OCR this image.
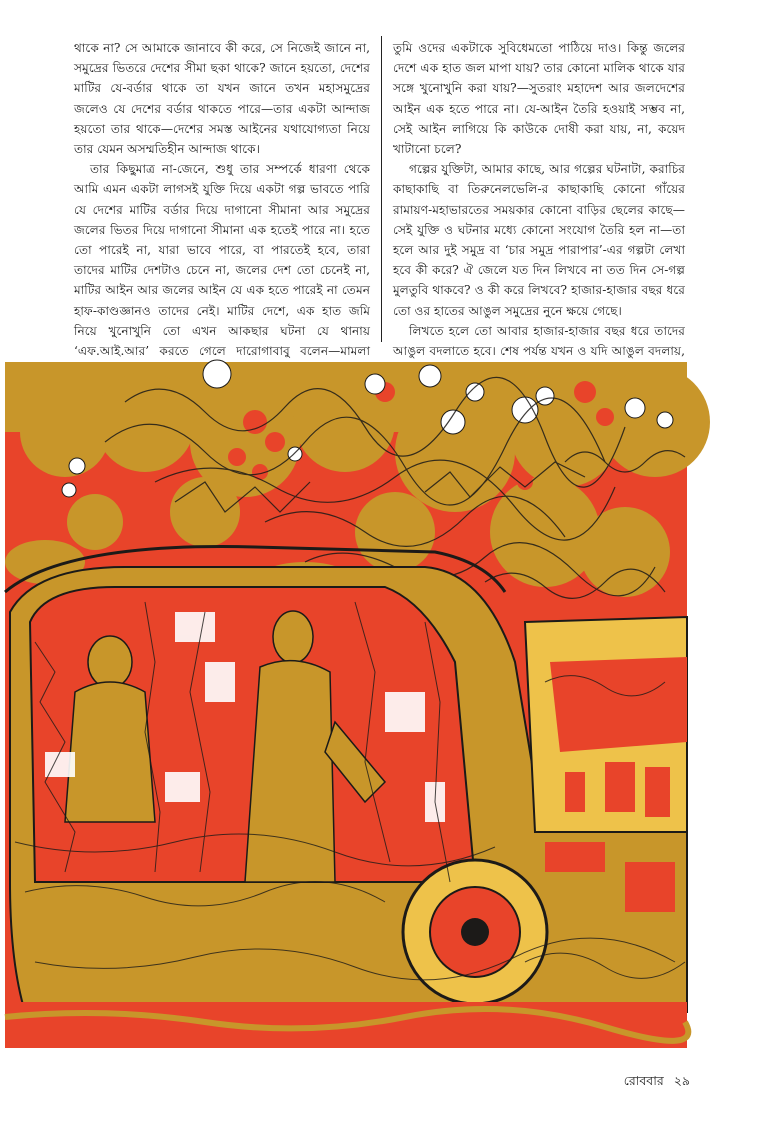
থাকে না? সে আমাকে জানাবে কী করে, সে নিজেই জানে না, সমুদ্রের ভিতরে দেশের সীমা ছকা থাকে? জানে হয়তো, দেশের মাটির যে-বর্ডার থাকে তা যখন জানে তখন মহাসমুদ্রের জলেও যে দেশের বর্ডার থাকতে পারে—তার একটা আন্দাজ হয়তো তার থাকে—দেশের সমস্ত আইনের যথাযোগ্যতা নিয়ে তার যেমন অসম্মতিহীন আন্দাজ থাকে।

তার কিছুমাত্র না-জেনে, শুধু তার সম্পর্কে ধারণা থেকে আমি এমন একটা লাগসই যুক্তি দিয়ে একটা গল্প ভাবতে পারি যে দেশের মাটির বর্ডার দিয়ে দাগানো সীমানা আর সমুদ্রের জলের ভিতর দিয়ে দাগানো সীমানা এক হতেই পারে না। হতে তো পারেই না, যারা ভাবে পারে, বা পারতেই হবে, তারা তাদের মাটির দেশটাও চেনে না, জলের দেশ তো চেনেই না, মাটির আইন আর জলের আইন যে এক হতে পারেই না তেমন হাফ-কাণ্ডজ্ঞানও তাদের নেই। মাটির দেশে, এক হাত জমি নিয়ে খুনোখুনি তো এখন আকছার ঘটনা যে থানায় ‘এফ.আই.আর’ করতে গেলে দারোগাবাবু বলেন—মামলা

তুমি ওদের একটাকে সুবিধেমতো পাঠিয়ে দাও। কিন্তু জলের দেশে এক হাত জল মাপা যায়? তার কোনো মালিক থাকে যার সঙ্গে খুনোখুনি করা যায়?—সুতরাং মহাদেশ আর জলদেশের আইন এক হতে পারে না। যে-আইন তৈরি হওয়াই সম্ভব না, সেই আইন লাগিয়ে কি কাউকে দোষী করা যায়, না, কয়েদ খাটানো চলে?

গল্পের যুক্তিটা, আমার কাছে, আর গল্পের ঘটনাটা, করাচির কাছাকাছি বা তিরুনেলভেলি-র কাছাকাছি কোনো গাঁয়ের রামায়ণ-মহাভারতের সময়কার কোনো বাড়ির ছেলের কাছে—সেই যুক্তি ও ঘটনার মধ্যে কোনো সংযোগ তৈরি হল না—তা হলে আর দুই সমুদ্র বা ‘চার সমুদ্র পারাপার’-এর গল্পটা লেখা হবে কী করে? ঐ জেলে যত দিন লিখবে না তত দিন সে-গল্প মুলতুবি থাকবে? ও কী করে লিখবে? হাজার-হাজার বছর ধরে তো ওর হাতের আঙুল সমুদ্রের নুনে ক্ষয়ে গেছে।

লিখতে হলে তো আবার হাজার-হাজার বছর ধরে তাদের আঙুল বদলাতে হবে। শেষ পর্যন্ত যখন ও যদি আঙুল বদলায়,

রোববার ২৯
